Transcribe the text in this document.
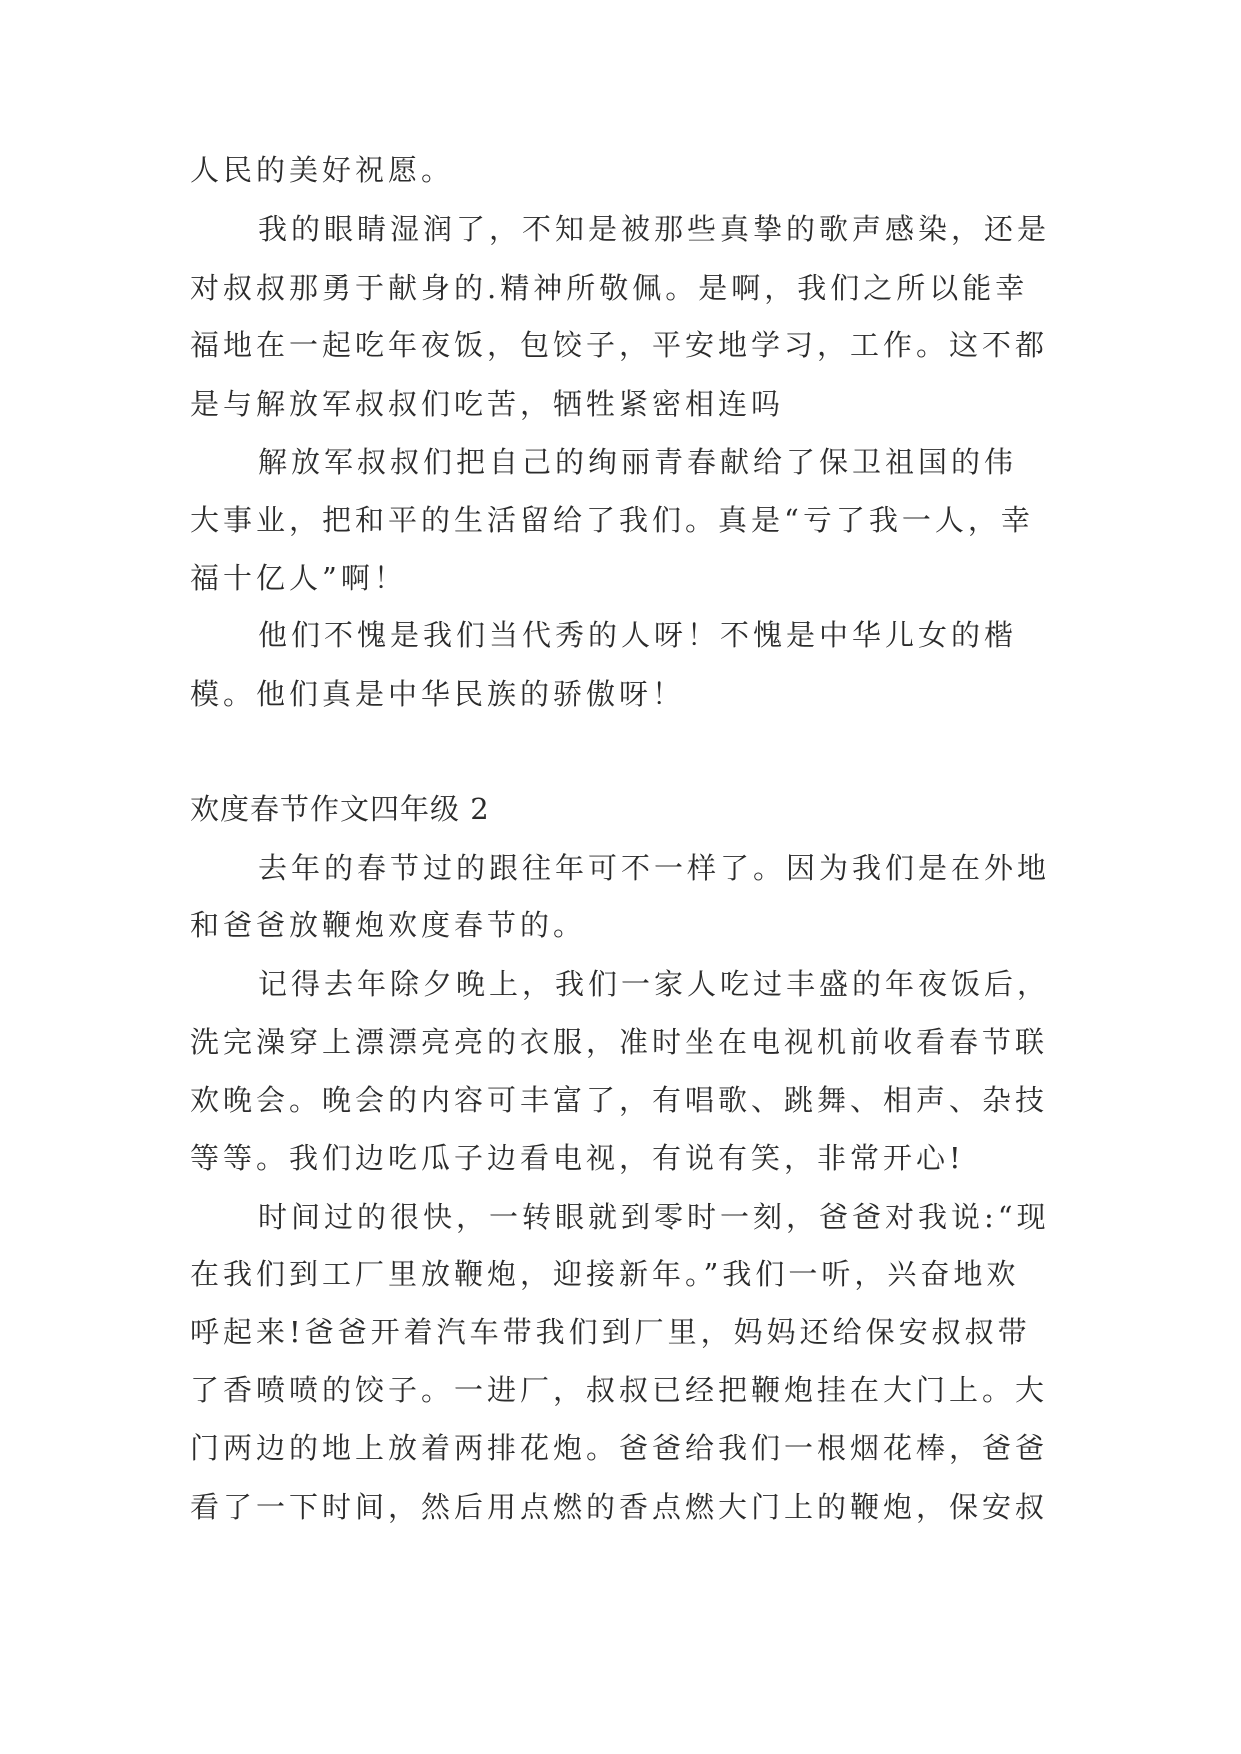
人民的美好祝愿。

我的眼睛湿润了，不知是被那些真挚的歌声感染，还是

对叔叔那勇于献身的.精神所敬佩。是啊，我们之所以能幸

福地在一起吃年夜饭，包饺子，平安地学习，工作。这不都

是与解放军叔叔们吃苦，牺牲紧密相连吗

解放军叔叔们把自己的绚丽青春献给了保卫祖国的伟

大事业，把和平的生活留给了我们。真是“亏了我一人，幸

福十亿人”啊！

他们不愧是我们当代秀的人呀！不愧是中华儿女的楷

模。他们真是中华民族的骄傲呀！

欢度春节作文四年级 2

去年的春节过的跟往年可不一样了。因为我们是在外地

和爸爸放鞭炮欢度春节的。

记得去年除夕晚上，我们一家人吃过丰盛的年夜饭后，

洗完澡穿上漂漂亮亮的衣服，准时坐在电视机前收看春节联

欢晚会。晚会的内容可丰富了，有唱歌、跳舞、相声、杂技

等等。我们边吃瓜子边看电视，有说有笑，非常开心!

时间过的很快，一转眼就到零时一刻，爸爸对我说:“现

在我们到工厂里放鞭炮，迎接新年。”我们一听，兴奋地欢

呼起来!爸爸开着汽车带我们到厂里，妈妈还给保安叔叔带

了香喷喷的饺子。一进厂，叔叔已经把鞭炮挂在大门上。大

门两边的地上放着两排花炮。爸爸给我们一根烟花棒，爸爸

看了一下时间，然后用点燃的香点燃大门上的鞭炮，保安叔
